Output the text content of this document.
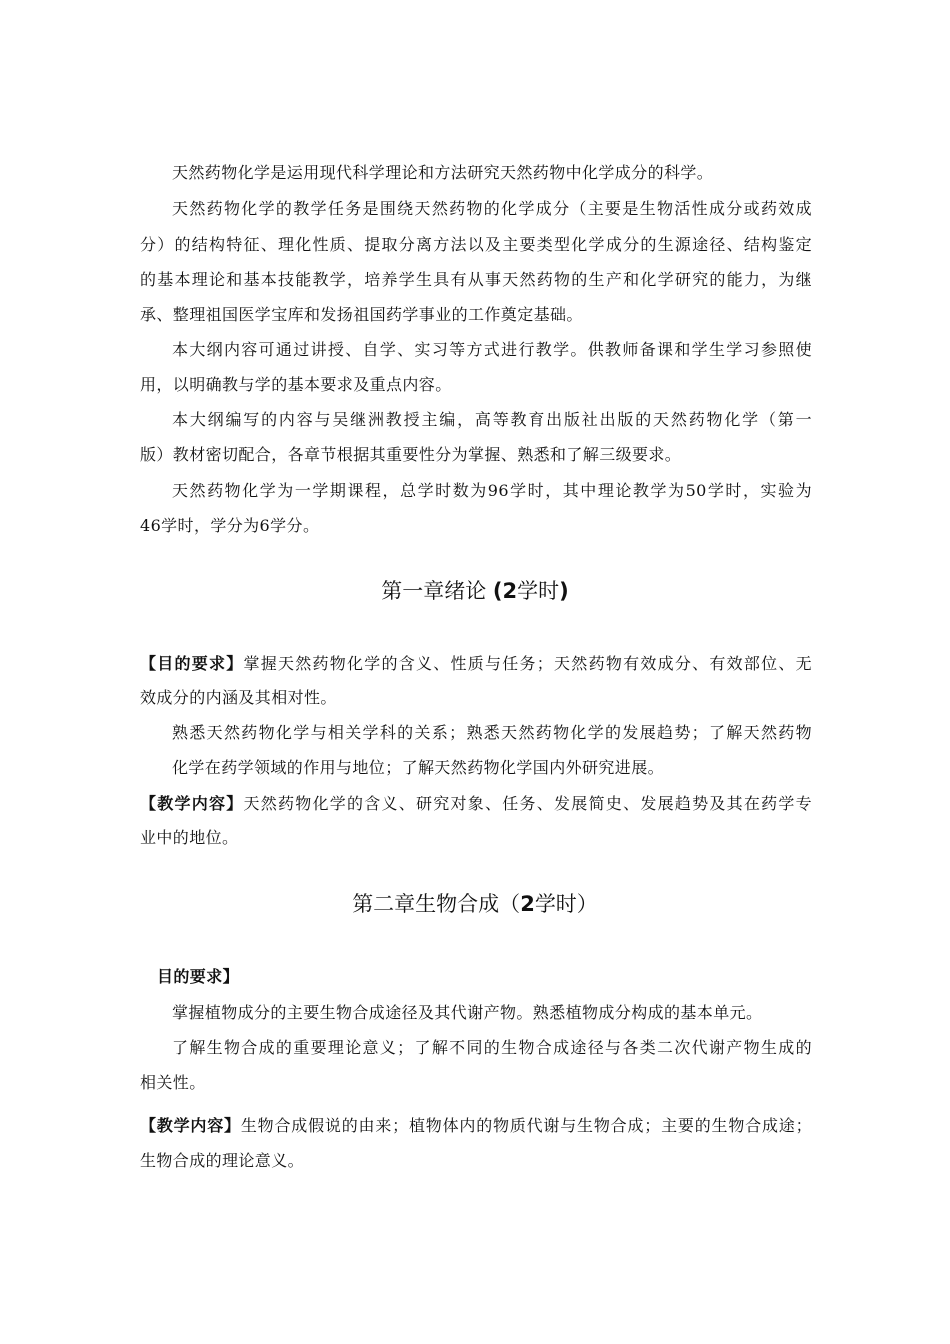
天然药物化学是运用现代科学理论和方法研究天然药物中化学成分的科学。
天然药物化学的教学任务是围绕天然药物的化学成分（主要是生物活性成分或药效成
分）的结构特征、理化性质、提取分离方法以及主要类型化学成分的生源途径、结构鉴定
的基本理论和基本技能教学，培养学生具有从事天然药物的生产和化学研究的能力，为继
承、整理祖国医学宝库和发扬祖国药学事业的工作奠定基础。
本大纲内容可通过讲授、自学、实习等方式进行教学。供教师备课和学生学习参照使
用，以明确教与学的基本要求及重点内容。
本大纲编写的内容与吴继洲教授主编，高等教育出版社出版的天然药物化学（第一
版）教材密切配合，各章节根据其重要性分为掌握、熟悉和了解三级要求。
天然药物化学为一学期课程，总学时数为96学时，其中理论教学为50学时，实验为
46学时，学分为6学分。
第一章绪论 (2学时)
【目的要求】掌握天然药物化学的含义、性质与任务；天然药物有效成分、有效部位、无
效成分的内涵及其相对性。
熟悉天然药物化学与相关学科的关系；熟悉天然药物化学的发展趋势；了解天然药物
化学在药学领域的作用与地位；了解天然药物化学国内外研究进展。
【教学内容】天然药物化学的含义、研究对象、任务、发展简史、发展趋势及其在药学专
业中的地位。
第二章生物合成（2学时）
目的要求】
掌握植物成分的主要生物合成途径及其代谢产物。熟悉植物成分构成的基本单元。
了解生物合成的重要理论意义；了解不同的生物合成途径与各类二次代谢产物生成的
相关性。
【教学内容】生物合成假说的由来；植物体内的物质代谢与生物合成；主要的生物合成途；
生物合成的理论意义。
